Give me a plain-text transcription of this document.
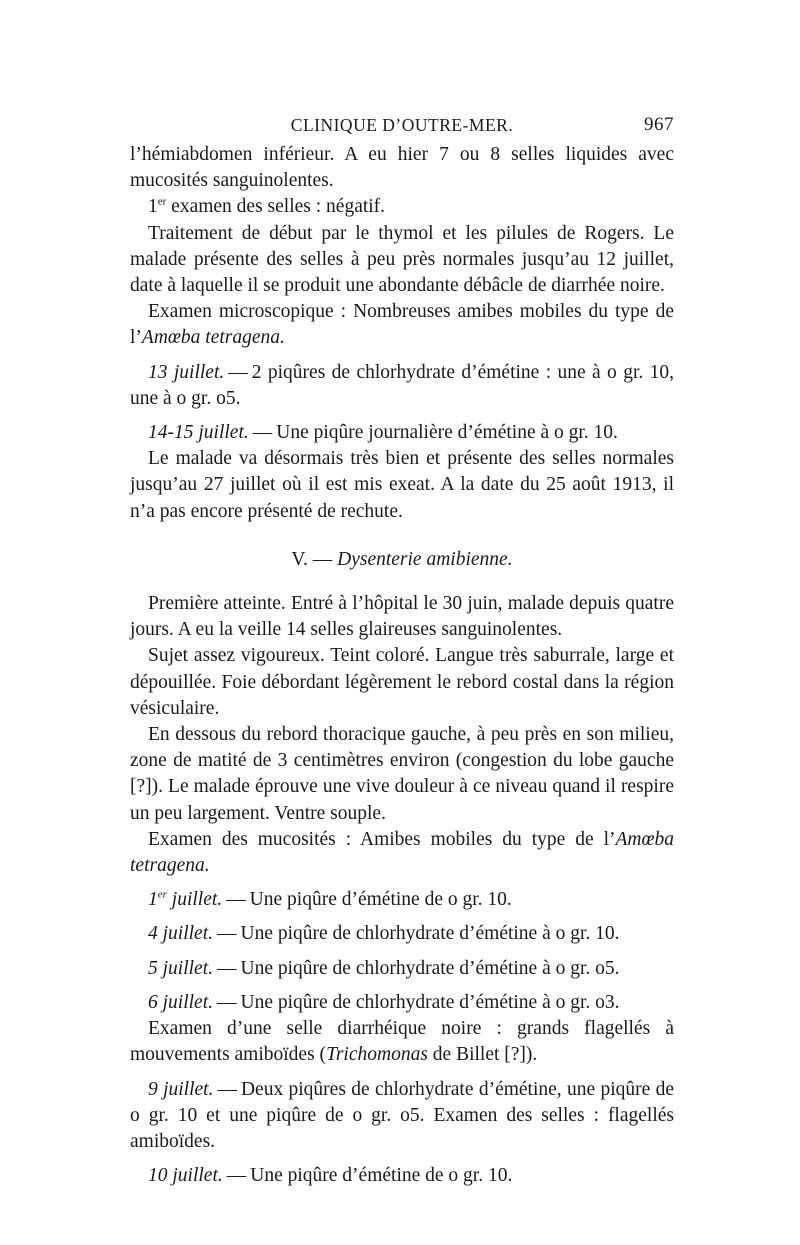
CLINIQUE D’OUTRE-MER.	967

l’hémiabdomen inférieur. A eu hier 7 ou 8 selles liquides avec mucosités sanguinolentes.

1er examen des selles : négatif.

Traitement de début par le thymol et les pilules de Rogers. Le malade présente des selles à peu près normales jusqu’au 12 juillet, date à laquelle il se produit une abondante débâcle de diarrhée noire.

Examen microscopique : Nombreuses amibes mobiles du type de l’Amœba tetragena.

13 juillet. — 2 piqûres de chlorhydrate d’émétine : une à o gr. 10, une à o gr. o5.

14-15 juillet. — Une piqûre journalière d’émétine à o gr. 10.

Le malade va désormais très bien et présente des selles normales jusqu’au 27 juillet où il est mis exeat. A la date du 25 août 1913, il n’a pas encore présenté de rechute.

V. — Dysenterie amibienne.

Première atteinte. Entré à l’hôpital le 30 juin, malade depuis quatre jours. A eu la veille 14 selles glaireuses sanguinolentes.

Sujet assez vigoureux. Teint coloré. Langue très saburrale, large et dépouillée. Foie débordant légèrement le rebord costal dans la région vésiculaire.

En dessous du rebord thoracique gauche, à peu près en son milieu, zone de matité de 3 centimètres environ (congestion du lobe gauche [?]). Le malade éprouve une vive douleur à ce niveau quand il respire un peu largement. Ventre souple.

Examen des mucosités : Amibes mobiles du type de l’Amœba tetragena.

1er juillet. — Une piqûre d’émétine de o gr. 10.

4 juillet. — Une piqûre de chlorhydrate d’émétine à o gr. 10.

5 juillet. — Une piqûre de chlorhydrate d’émétine à o gr. o5.

6 juillet. — Une piqûre de chlorhydrate d’émétine à o gr. o3.

Examen d’une selle diarrhéique noire : grands flagellés à mouvements amiboïdes (Trichomonas de Billet [?]).

9 juillet. — Deux piqûres de chlorhydrate d’émétine, une piqûre de o gr. 10 et une piqûre de o gr. o5. Examen des selles : flagellés amiboïdes.

10 juillet. — Une piqûre d’émétine de o gr. 10.
